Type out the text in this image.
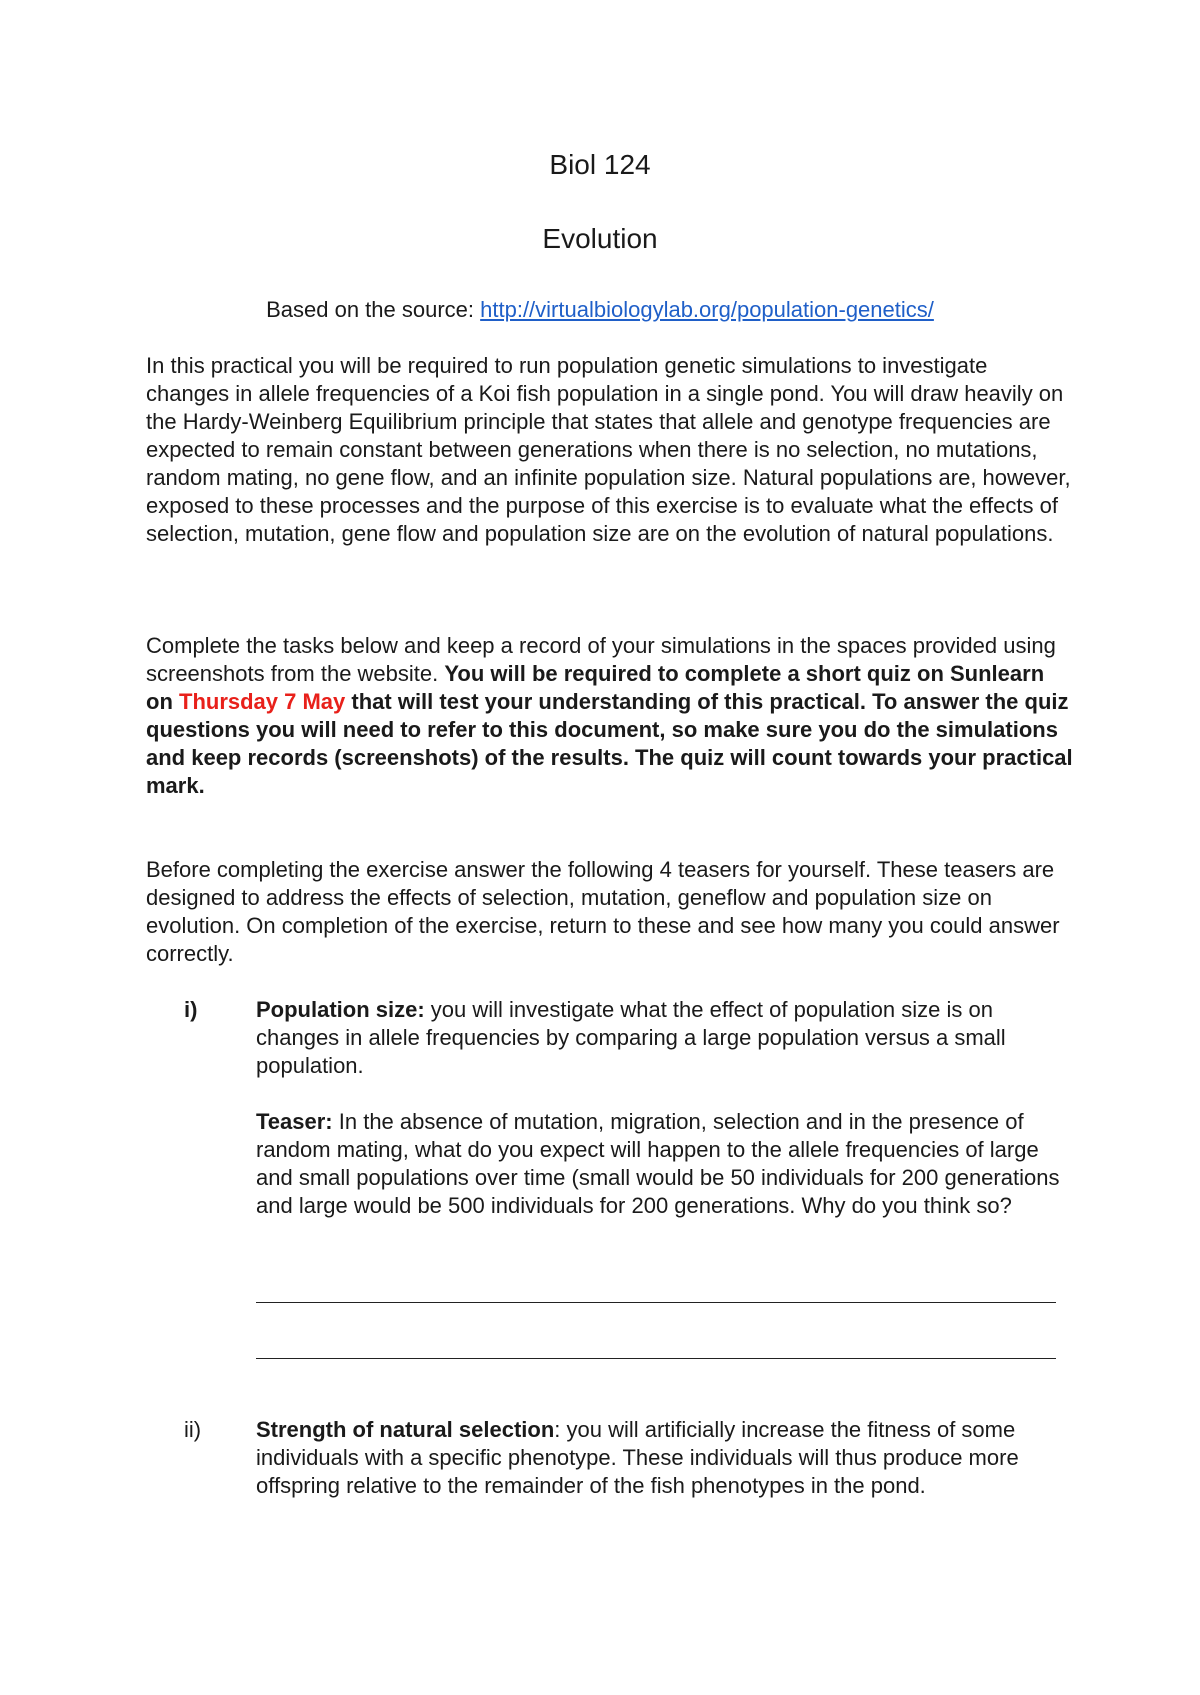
Biol 124
Evolution
Based on the source: http://virtualbiologylab.org/population-genetics/

In this practical you will be required to run population genetic simulations to investigate changes in allele frequencies of a Koi fish population in a single pond. You will draw heavily on the Hardy-Weinberg Equilibrium principle that states that allele and genotype frequencies are expected to remain constant between generations when there is no selection, no mutations, random mating, no gene flow, and an infinite population size. Natural populations are, however, exposed to these processes and the purpose of this exercise is to evaluate what the effects of selection, mutation, gene flow and population size are on the evolution of natural populations.

Complete the tasks below and keep a record of your simulations in the spaces provided using screenshots from the website. You will be required to complete a short quiz on Sunlearn on Thursday 7 May that will test your understanding of this practical. To answer the quiz questions you will need to refer to this document, so make sure you do the simulations and keep records (screenshots) of the results. The quiz will count towards your practical mark.

Before completing the exercise answer the following 4 teasers for yourself. These teasers are designed to address the effects of selection, mutation, geneflow and population size on evolution. On completion of the exercise, return to these and see how many you could answer correctly.

i)	Population size: you will investigate what the effect of population size is on changes in allele frequencies by comparing a large population versus a small population.
Teaser: In the absence of mutation, migration, selection and in the presence of random mating, what do you expect will happen to the allele frequencies of large and small populations over time (small would be 50 individuals for 200 generations and large would be 500 individuals for 200 generations. Why do you think so?
ii) Strength of natural selection: you will artificially increase the fitness of some individuals with a specific phenotype. These individuals will thus produce more offspring relative to the remainder of the fish phenotypes in the pond.
